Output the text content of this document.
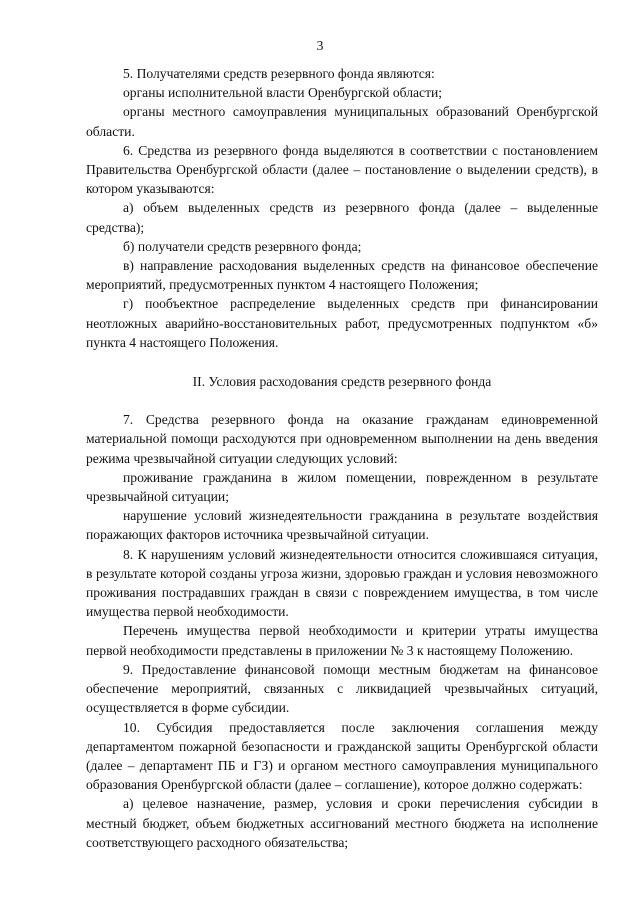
3

5. Получателями средств резервного фонда являются:

органы исполнительной власти Оренбургской области;

органы местного самоуправления муниципальных образований Оренбургской области.

6. Средства из резервного фонда выделяются в соответствии с постановлением Правительства Оренбургской области (далее – постановление о выделении средств), в котором указываются:

а) объем выделенных средств из резервного фонда (далее – выделенные средства);

б) получатели средств резервного фонда;

в) направление расходования выделенных средств на финансовое обеспечение мероприятий, предусмотренных пунктом 4 настоящего Положения;

г) пообъектное распределение выделенных средств при финансировании неотложных аварийно-восстановительных работ, предусмотренных подпунктом «б» пункта 4 настоящего Положения.

II. Условия расходования средств резервного фонда

7. Средства резервного фонда на оказание гражданам единовременной материальной помощи расходуются при одновременном выполнении на день введения режима чрезвычайной ситуации следующих условий:

проживание гражданина в жилом помещении, поврежденном в результате чрезвычайной ситуации;

нарушение условий жизнедеятельности гражданина в результате воздействия поражающих факторов источника чрезвычайной ситуации.

8. К нарушениям условий жизнедеятельности относится сложившаяся ситуация, в результате которой созданы угроза жизни, здоровью граждан и условия невозможного проживания пострадавших граждан в связи с повреждением имущества, в том числе имущества первой необходимости.

Перечень имущества первой необходимости и критерии утраты имущества первой необходимости представлены в приложении № 3 к настоящему Положению.

9. Предоставление финансовой помощи местным бюджетам на финансовое обеспечение мероприятий, связанных с ликвидацией чрезвычайных ситуаций, осуществляется в форме субсидии.

10. Субсидия предоставляется после заключения соглашения между департаментом пожарной безопасности и гражданской защиты Оренбургской области (далее – департамент ПБ и ГЗ) и органом местного самоуправления муниципального образования Оренбургской области (далее – соглашение), которое должно содержать:

а) целевое назначение, размер, условия и сроки перечисления субсидии в местный бюджет, объем бюджетных ассигнований местного бюджета на исполнение соответствующего расходного обязательства;
